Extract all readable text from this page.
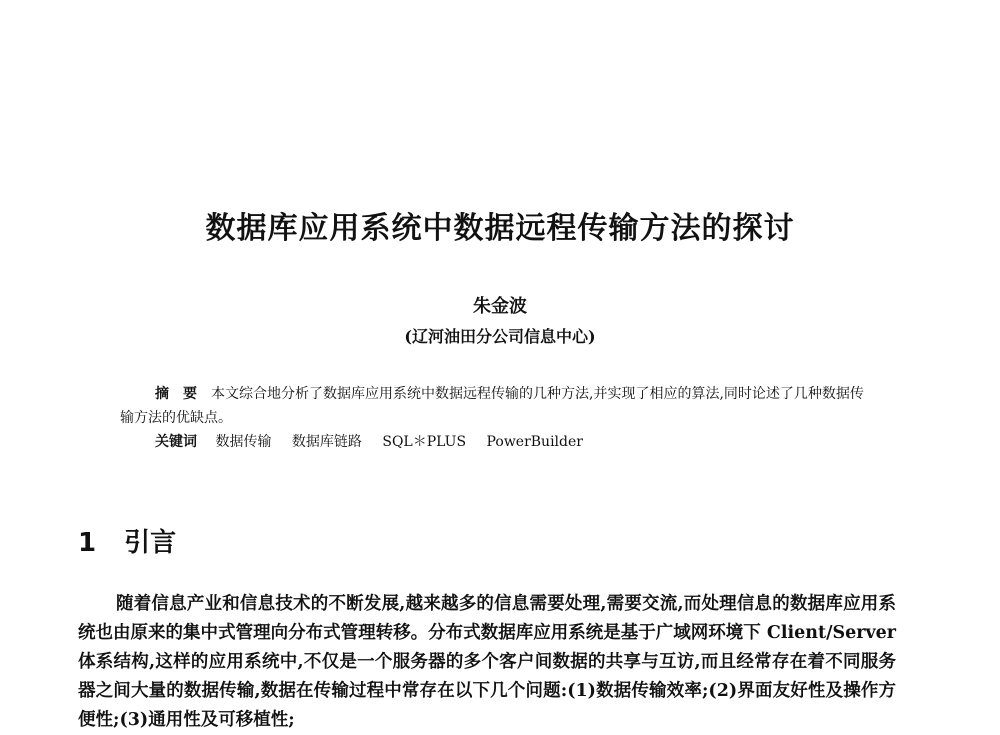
数据库应用系统中数据远程传输方法的探讨
朱金波
(辽河油田分公司信息中心)

摘　要 本文综合地分析了数据库应用系统中数据远程传输的几种方法,并实现了相应的算法,同时论述了几种数据传输方法的优缺点。

关键词 数据传输 数据库链路 SQL＊PLUS PowerBuilder

1 引言

随着信息产业和信息技术的不断发展,越来越多的信息需要处理,需要交流,而处理信息的数据库应用系统也由原来的集中式管理向分布式管理转移。分布式数据库应用系统是基于广域网环境下 Client/Server 体系结构,这样的应用系统中,不仅是一个服务器的多个客户间数据的共享与互访,而且经常存在着不同服务器之间大量的数据传输,数据在传输过程中常存在以下几个问题:(1)数据传输效率;(2)界面友好性及操作方便性;(3)通用性及可移植性;
